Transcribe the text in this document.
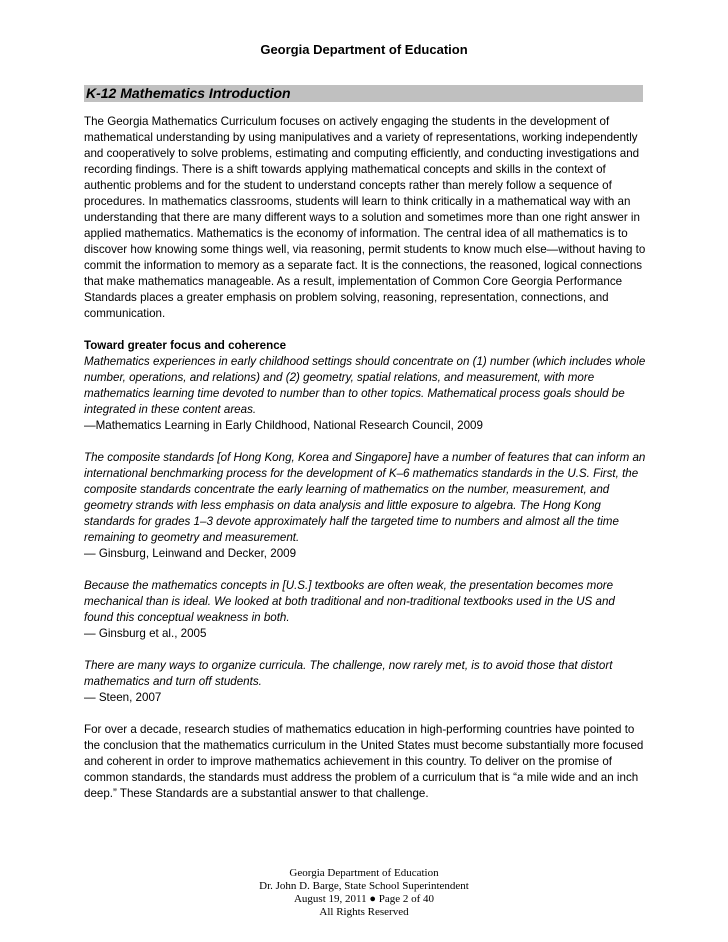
Georgia Department of Education
K-12 Mathematics Introduction

The Georgia Mathematics Curriculum focuses on actively engaging the students in the development of mathematical understanding by using manipulatives and a variety of representations, working independently and cooperatively to solve problems, estimating and computing efficiently, and conducting investigations and recording findings. There is a shift towards applying mathematical concepts and skills in the context of authentic problems and for the student to understand concepts rather than merely follow a sequence of procedures. In mathematics classrooms, students will learn to think critically in a mathematical way with an understanding that there are many different ways to a solution and sometimes more than one right answer in applied mathematics. Mathematics is the economy of information. The central idea of all mathematics is to discover how knowing some things well, via reasoning, permit students to know much else—without having to commit the information to memory as a separate fact. It is the connections, the reasoned, logical connections that make mathematics manageable. As a result, implementation of Common Core Georgia Performance Standards places a greater emphasis on problem solving, reasoning, representation, connections, and communication.

Toward greater focus and coherence
Mathematics experiences in early childhood settings should concentrate on (1) number (which includes whole number, operations, and relations) and (2) geometry, spatial relations, and measurement, with more mathematics learning time devoted to number than to other topics. Mathematical process goals should be integrated in these content areas.
—Mathematics Learning in Early Childhood, National Research Council, 2009
The composite standards [of Hong Kong, Korea and Singapore] have a number of features that can inform an international benchmarking process for the development of K–6 mathematics standards in the U.S. First, the composite standards concentrate the early learning of mathematics on the number, measurement, and geometry strands with less emphasis on data analysis and little exposure to algebra. The Hong Kong standards for grades 1–3 devote approximately half the targeted time to numbers and almost all the time remaining to geometry and measurement.
— Ginsburg, Leinwand and Decker, 2009
Because the mathematics concepts in [U.S.] textbooks are often weak, the presentation becomes more mechanical than is ideal. We looked at both traditional and non-traditional textbooks used in the US and found this conceptual weakness in both.
— Ginsburg et al., 2005
There are many ways to organize curricula. The challenge, now rarely met, is to avoid those that distort mathematics and turn off students.
— Steen, 2007

For over a decade, research studies of mathematics education in high-performing countries have pointed to the conclusion that the mathematics curriculum in the United States must become substantially more focused and coherent in order to improve mathematics achievement in this country. To deliver on the promise of common standards, the standards must address the problem of a curriculum that is “a mile wide and an inch deep.” These Standards are a substantial answer to that challenge.

Georgia Department of Education
Dr. John D. Barge, State School Superintendent
August 19, 2011 ● Page 2 of 40
All Rights Reserved
